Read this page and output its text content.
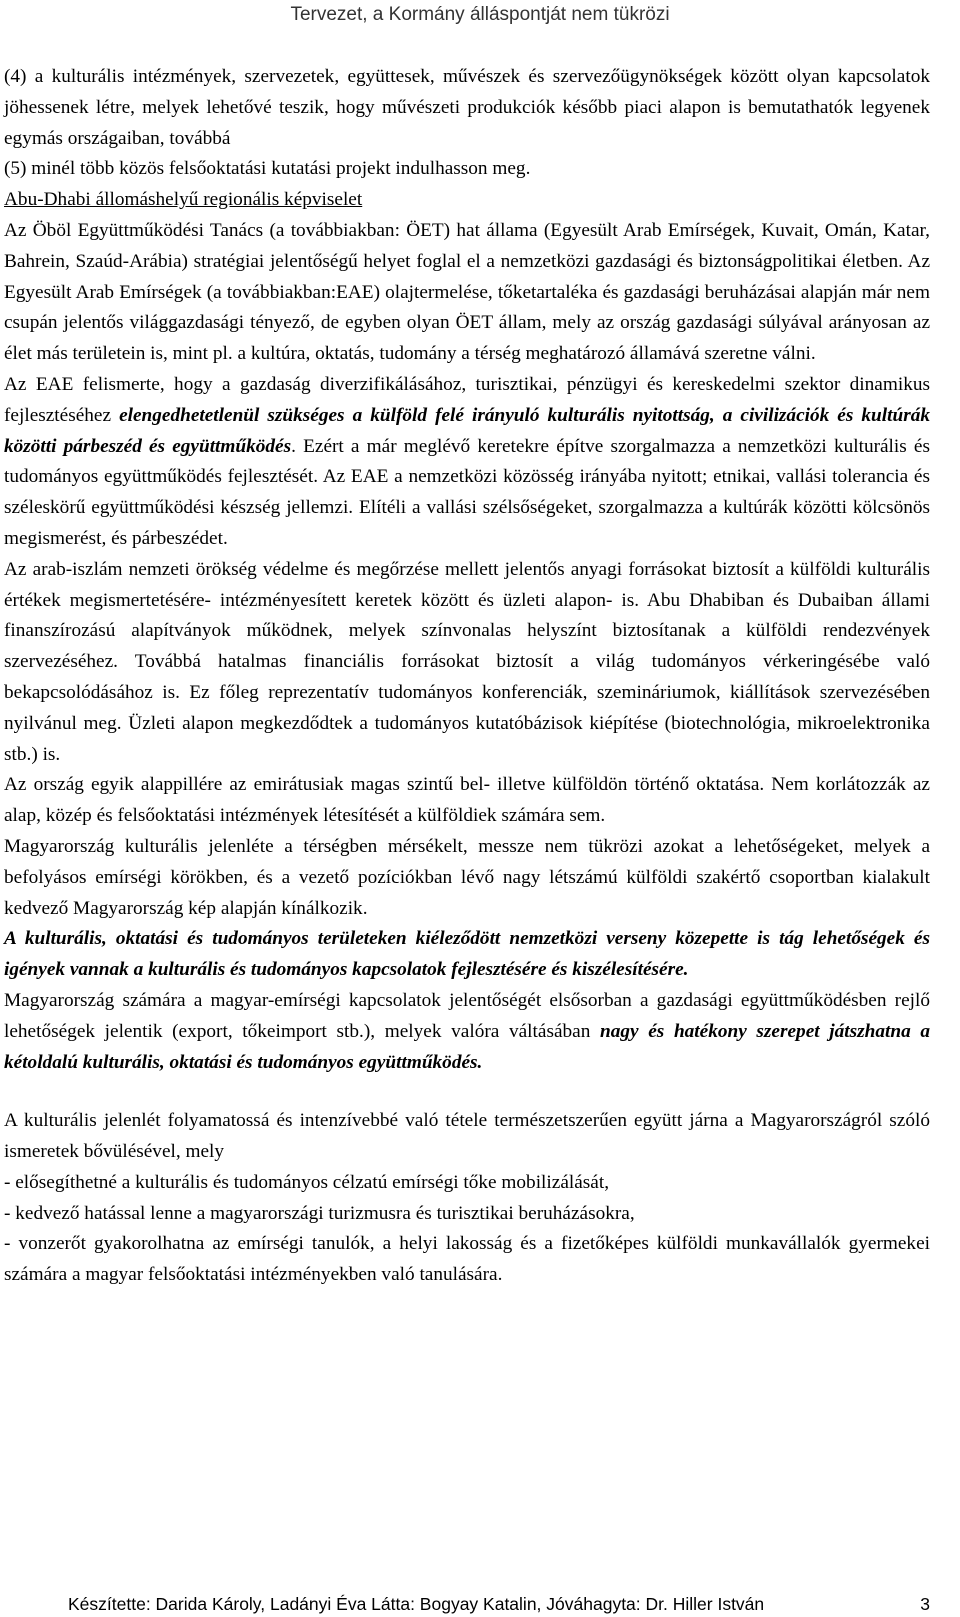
Tervezet, a Kormány álláspontját nem tükrözi

(4) a kulturális intézmények, szervezetek, együttesek, művészek és szervezőügynökségek között olyan kapcsolatok jöhessenek létre, melyek lehetővé teszik, hogy művészeti produkciók később piaci alapon is bemutathatók legyenek egymás országaiban, továbbá

(5) minél több közös felsőoktatási kutatási projekt indulhasson meg.

Abu-Dhabi állomáshelyű regionális képviselet

Az Öböl Együttműködési Tanács (a továbbiakban: ÖET) hat állama (Egyesült Arab Emírségek, Kuvait, Omán, Katar, Bahrein, Szaúd-Arábia) stratégiai jelentőségű helyet foglal el a nemzetközi gazdasági és biztonságpolitikai életben. Az Egyesült Arab Emírségek (a továbbiakban:EAE) olajtermelése, tőketartaléka és gazdasági beruházásai alapján már nem csupán jelentős világgazdasági tényező, de egyben olyan ÖET állam, mely az ország gazdasági súlyával arányosan az élet más területein is, mint pl. a kultúra, oktatás, tudomány a térség meghatározó államává szeretne válni.

Az EAE felismerte, hogy a gazdaság diverzifikálásához, turisztikai, pénzügyi és kereskedelmi szektor dinamikus fejlesztéséhez elengedhetetlenül szükséges a külföld felé irányuló kulturális nyitottság, a civilizációk és kultúrák közötti párbeszéd és együttműködés. Ezért a már meglévő keretekre építve szorgalmazza a nemzetközi kulturális és tudományos együttműködés fejlesztését. Az EAE a nemzetközi közösség irányába nyitott; etnikai, vallási tolerancia és széleskörű együttműködési készség jellemzi. Elítéli a vallási szélsőségeket, szorgalmazza a kultúrák közötti kölcsönös megismerést, és párbeszédet.

Az arab-iszlám nemzeti örökség védelme és megőrzése mellett jelentős anyagi forrásokat biztosít a külföldi kulturális értékek megismertetésére- intézményesített keretek között és üzleti alapon- is. Abu Dhabiban és Dubaiban állami finanszírozású alapítványok működnek, melyek színvonalas helyszínt biztosítanak a külföldi rendezvények szervezéséhez. Továbbá hatalmas financiális forrásokat biztosít a világ tudományos vérkeringésébe való bekapcsolódásához is. Ez főleg reprezentatív tudományos konferenciák, szemináriumok, kiállítások szervezésében nyilvánul meg. Üzleti alapon megkezdődtek a tudományos kutatóbázisok kiépítése (biotechnológia, mikroelektronika stb.) is.

Az ország egyik alappillére az emirátusiak magas szintű bel- illetve külföldön történő oktatása. Nem korlátozzák az alap, közép és felsőoktatási intézmények létesítését a külföldiek számára sem.

Magyarország kulturális jelenléte a térségben mérsékelt, messze nem tükrözi azokat a lehetőségeket, melyek a befolyásos emírségi körökben, és a vezető pozíciókban lévő nagy létszámú külföldi szakértő csoportban kialakult kedvező Magyarország kép alapján kínálkozik.

A kulturális, oktatási és tudományos területeken kiéleződött nemzetközi verseny közepette is tág lehetőségek és igények vannak a kulturális és tudományos kapcsolatok fejlesztésére és kiszélesítésére.

Magyarország számára a magyar-emírségi kapcsolatok jelentőségét elsősorban a gazdasági együttműködésben rejlő lehetőségek jelentik (export, tőkeimport stb.), melyek valóra váltásában nagy és hatékony szerepet játszhatna a kétoldalú kulturális, oktatási és tudományos együttműködés.

A kulturális jelenlét folyamatossá és intenzívebbé való tétele természetszerűen együtt járna a Magyarországról szóló ismeretek bővülésével, mely

- elősegíthetné a kulturális és tudományos célzatú emírségi tőke mobilizálását,

- kedvező hatással lenne a magyarországi turizmusra és turisztikai beruházásokra,

- vonzerőt gyakorolhatna az emírségi tanulók, a helyi lakosság és a fizetőképes külföldi munkavállalók gyermekei számára a magyar felsőoktatási intézményekben való tanulására.

Készítette: Darida Károly, Ladányi Éva Látta: Bogyay Katalin, Jóváhagyta: Dr. Hiller István	3
